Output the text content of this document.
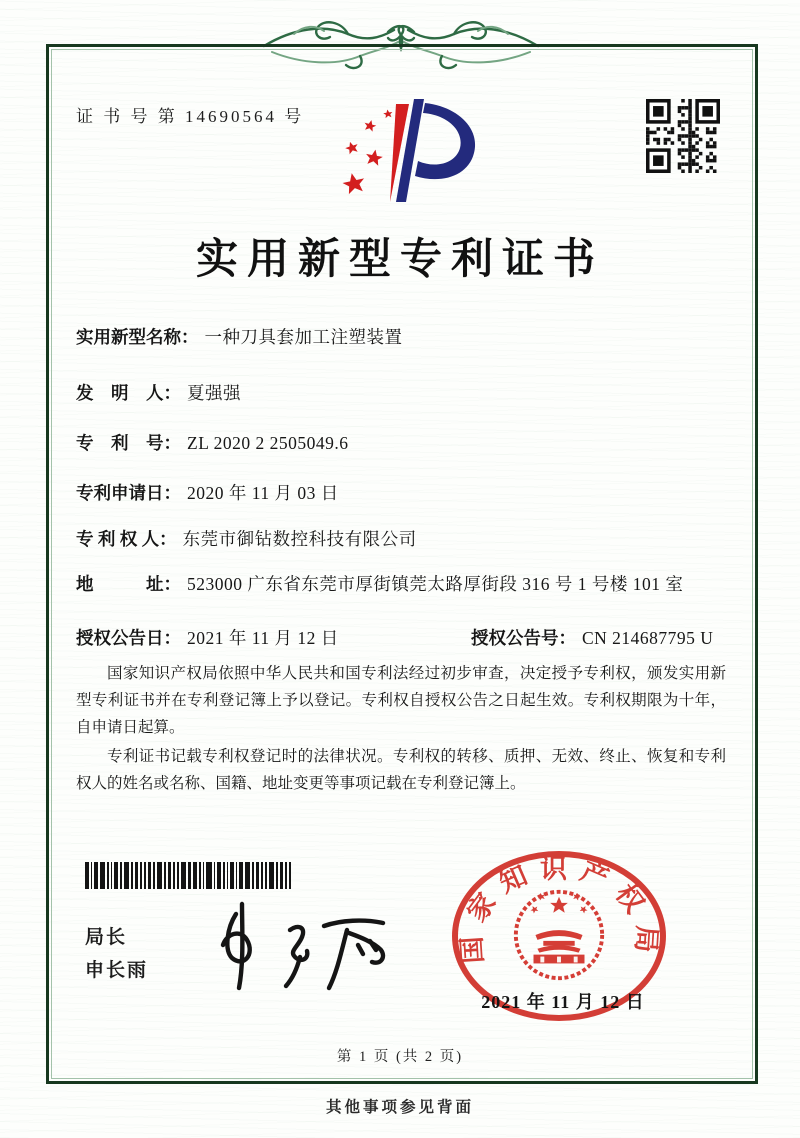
证 书 号 第 14690564 号
实用新型专利证书
实用新型名称： 一种刀具套加工注塑装置
发　明　人： 夏强强
专　利　号： ZL 2020 2 2505049.6
专利申请日： 2020 年 11 月 03 日
专 利 权 人： 东莞市御钻数控科技有限公司
地　　　址： 523000 广东省东莞市厚街镇莞太路厚街段 316 号 1 号楼 101 室
授权公告日： 2021 年 11 月 12 日	授权公告号： CN 214687795 U

国家知识产权局依照中华人民共和国专利法经过初步审查，决定授予专利权，颁发实用新型专利证书并在专利登记簿上予以登记。专利权自授权公告之日起生效。专利权期限为十年，自申请日起算。

专利证书记载专利权登记时的法律状况。专利权的转移、质押、无效、终止、恢复和专利权人的姓名或名称、国籍、地址变更等事项记载在专利登记簿上。

局长
申长雨
国家知识产权局
2021 年 11 月 12 日
第 1 页 (共 2 页)
其他事项参见背面
